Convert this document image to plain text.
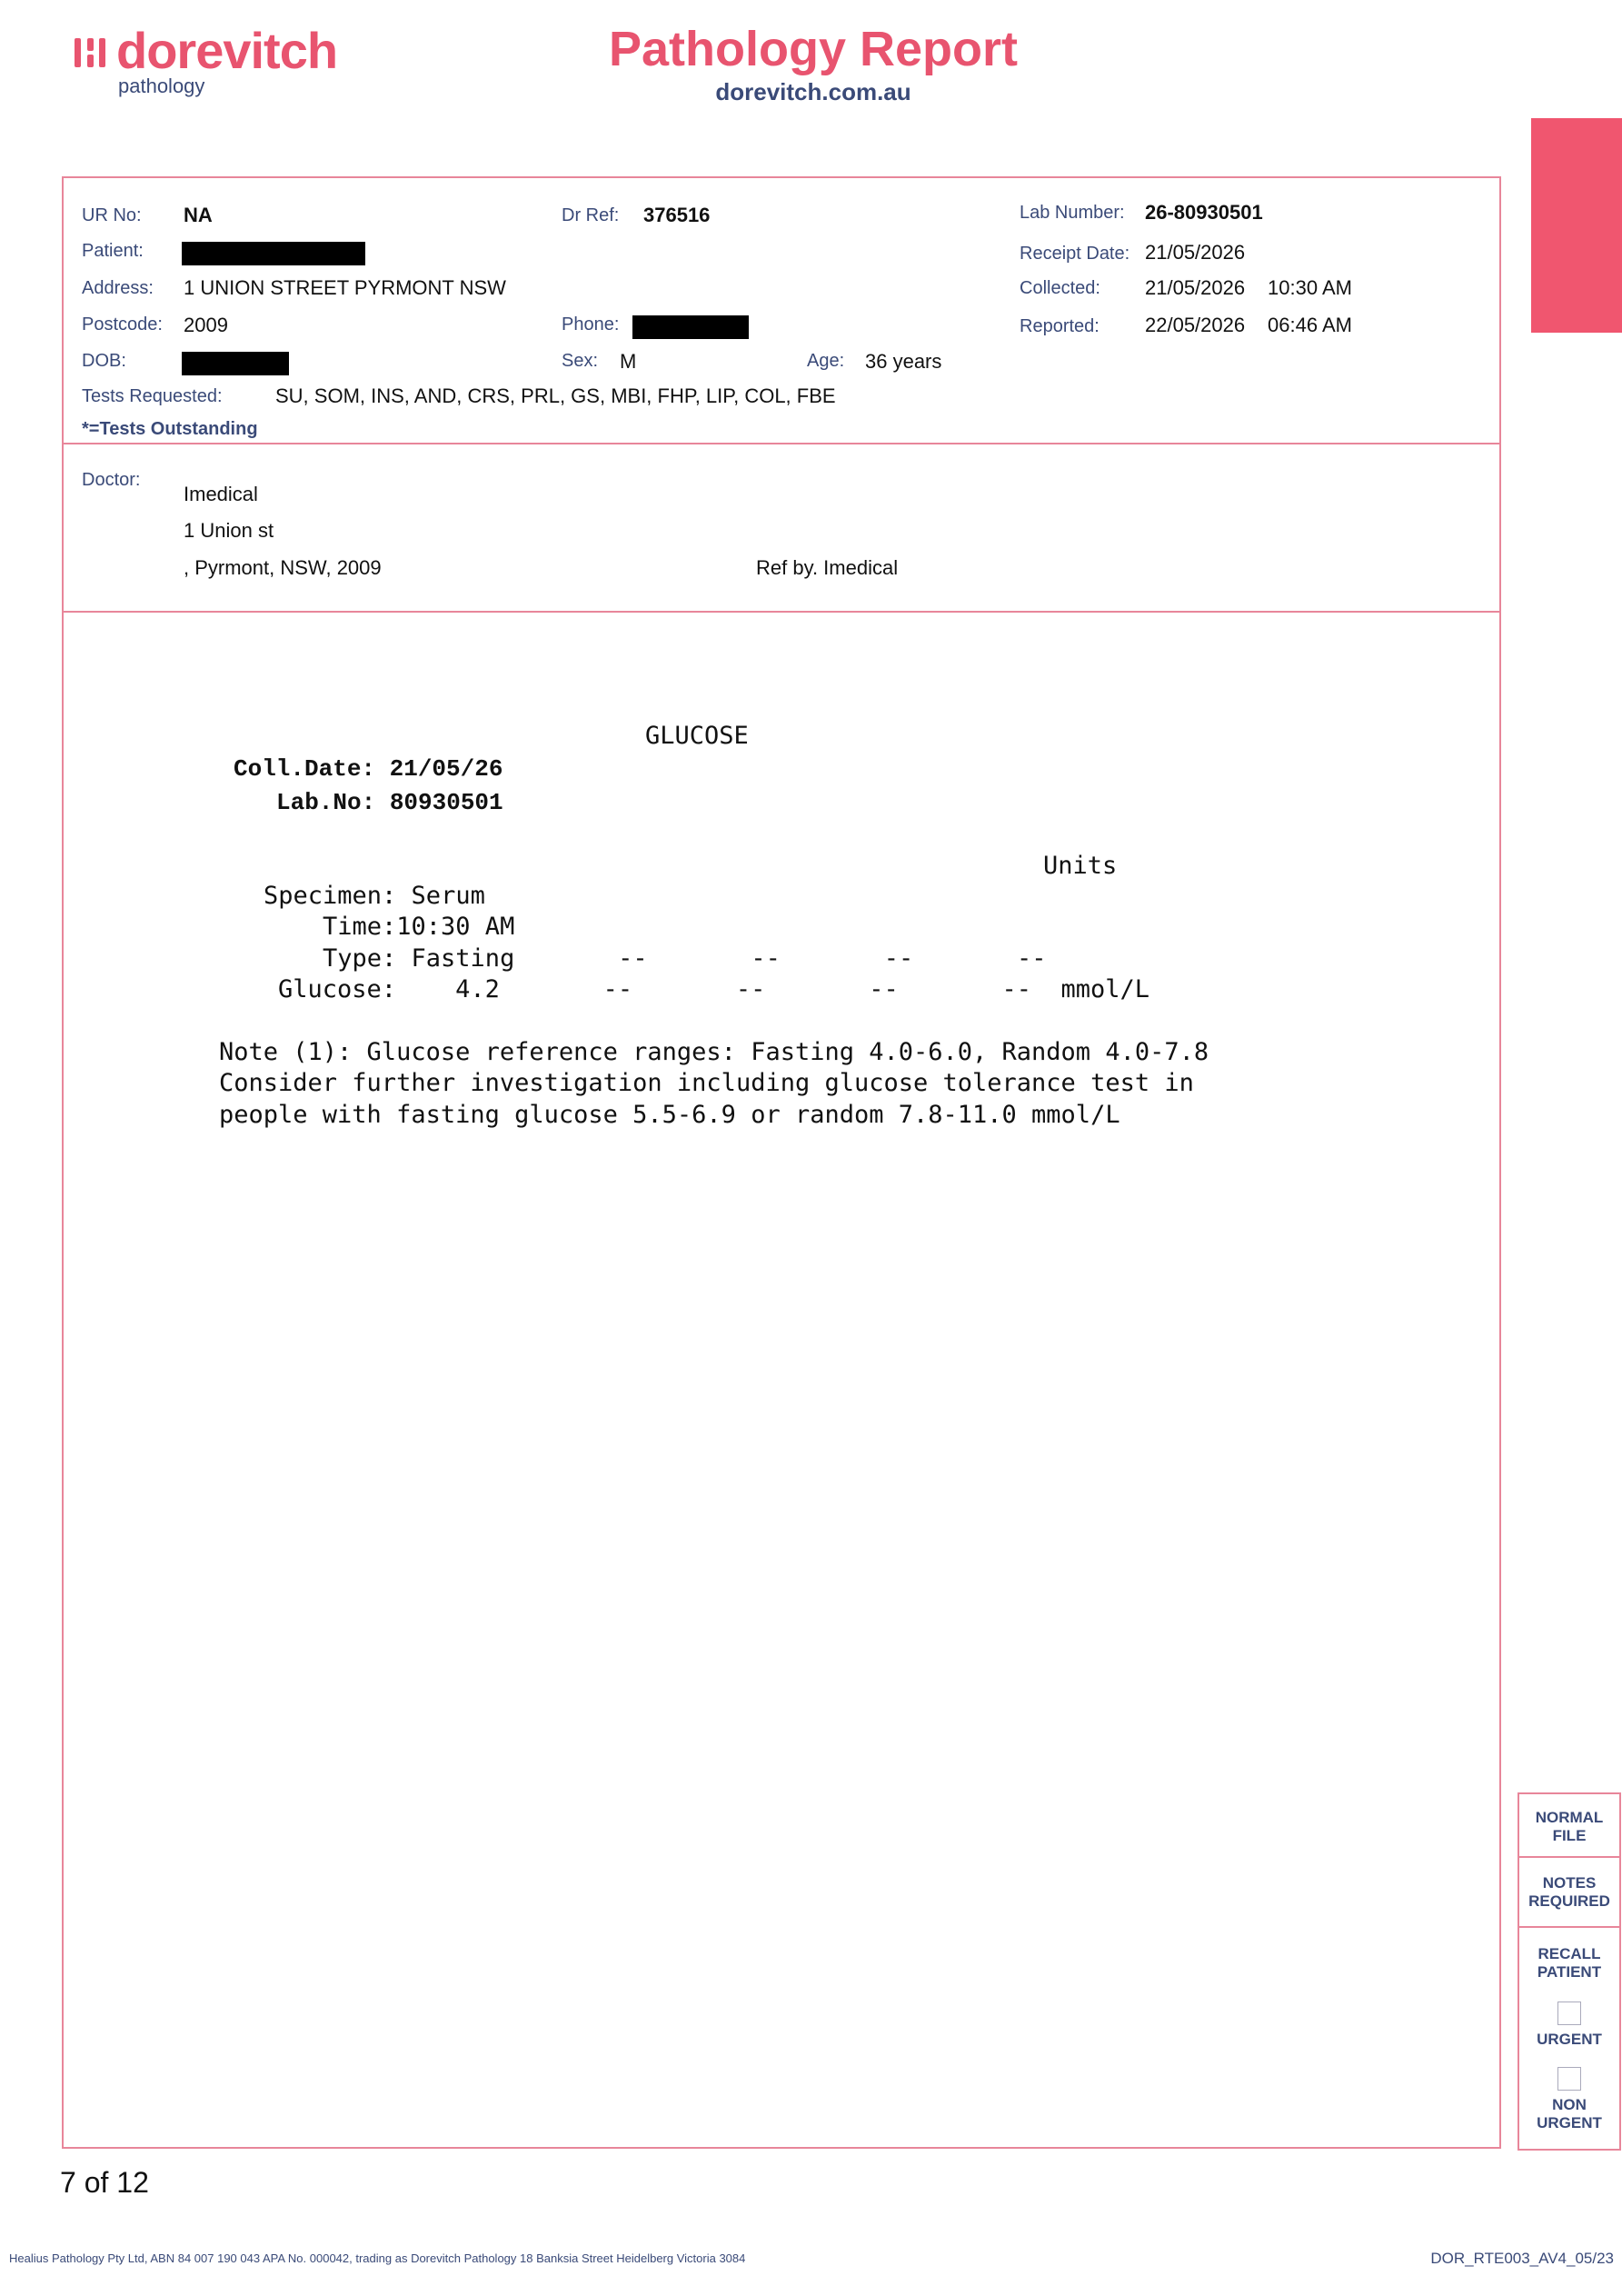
dorevitch
pathology
Pathology Report
dorevitch.com.au
UR No: NA	Dr Ref: 376516	Lab Number: 26-80930501
Patient:	Receipt Date: 21/05/2026
Address: 1 UNION STREET PYRMONT NSW	Collected: 21/05/2026 10:30 AM
Postcode: 2009	Phone:	Reported: 22/05/2026 06:46 AM
DOB:	Sex: M	Age: 36 years
Tests Requested:	SU, SOM, INS, AND, CRS, PRL, GS, MBI, FHP, LIP, COL, FBE
*=Tests Outstanding
Doctor:
Imedical
1 Union st
, Pyrmont, NSW, 2009	Ref by. Imedical
GLUCOSE
Coll.Date: 21/05/26
Lab.No: 80930501
Units
Specimen: Serum
Time:10:30 AM
Type: Fasting       --       --       --       --
Glucose:    4.2       --       --       --       --  mmol/L
Note (1): Glucose reference ranges: Fasting 4.0-6.0, Random 4.0-7.8
Consider further investigation including glucose tolerance test in
people with fasting glucose 5.5-6.9 or random 7.8-11.0 mmol/L
NORMAL FILE
NOTES REQUIRED
RECALL PATIENT
URGENT
NON URGENT
7 of 12
Healius Pathology Pty Ltd, ABN 84 007 190 043 APA No. 000042, trading as Dorevitch Pathology 18 Banksia Street Heidelberg Victoria 3084	DOR_RTE003_AV4_05/23
